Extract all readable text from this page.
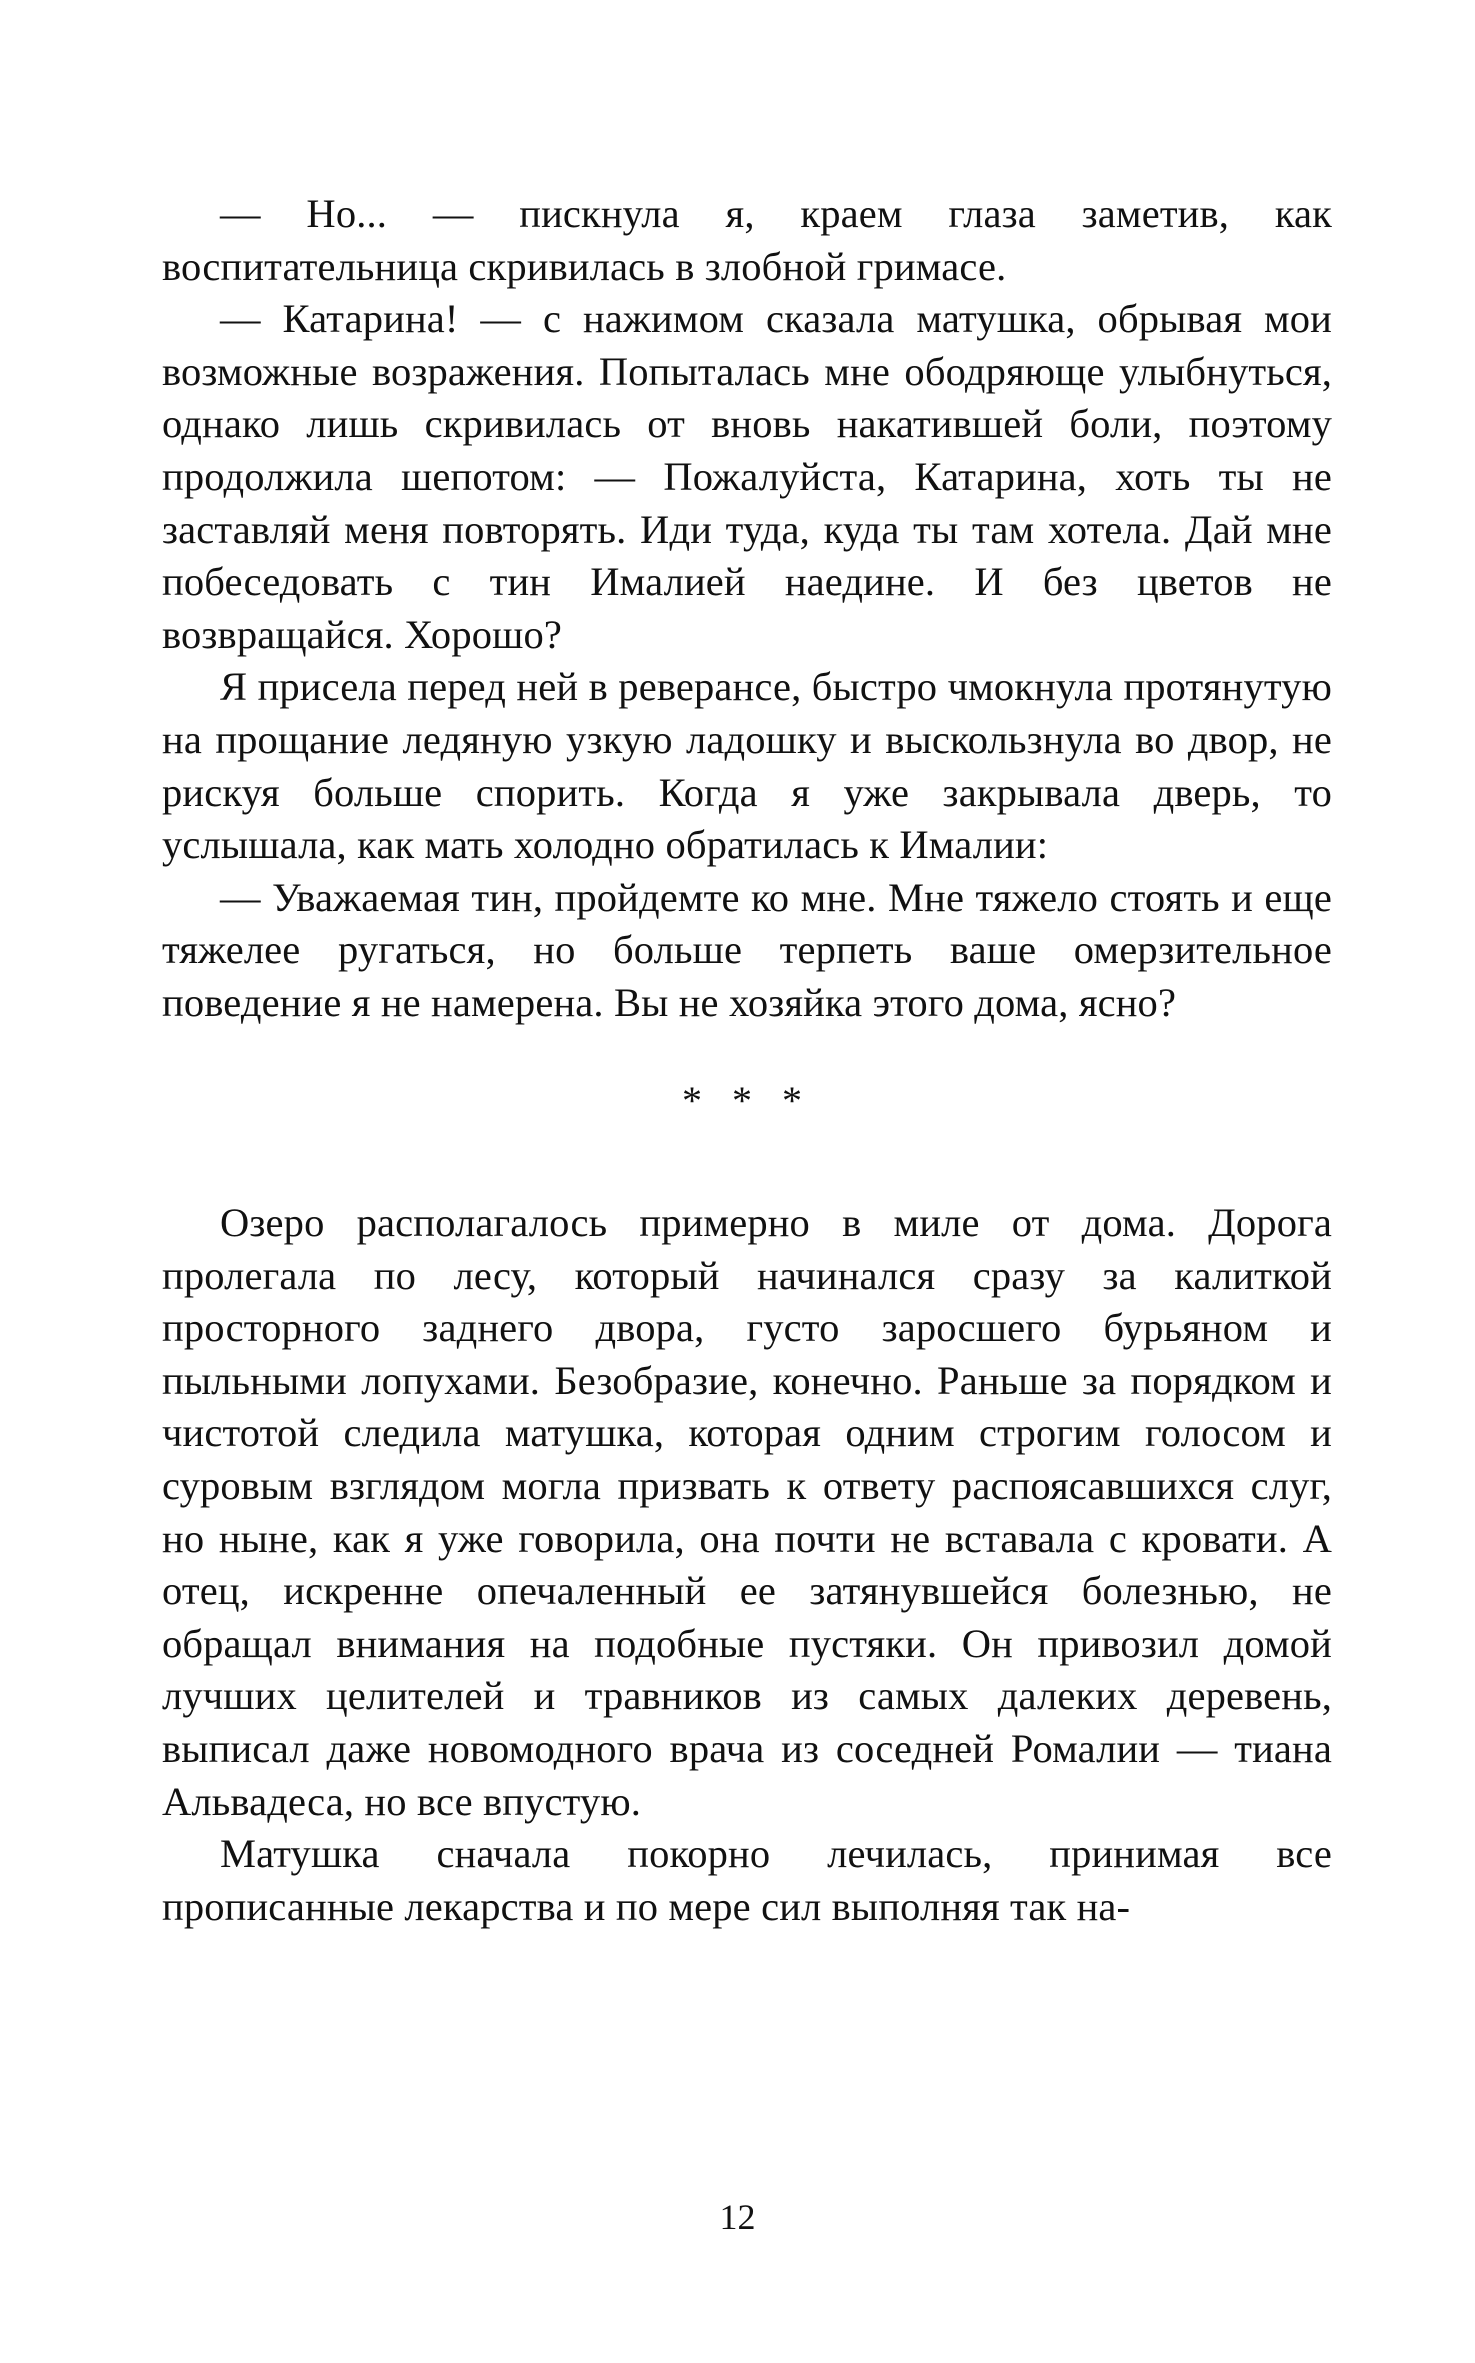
— Но... — пискнула я, краем глаза заметив, как воспитательница скривилась в злобной гримасе.

— Катарина! — с нажимом сказала матушка, обрывая мои возможные возражения. Попыталась мне ободряюще улыбнуться, однако лишь скривилась от вновь накатившей боли, поэтому продолжила шепотом: — Пожалуйста, Катарина, хоть ты не заставляй меня повторять. Иди туда, куда ты там хотела. Дай мне побеседовать с тин Ималией наедине. И без цветов не возвращайся. Хорошо?

Я присела перед ней в реверансе, быстро чмокнула протянутую на прощание ледяную узкую ладошку и выскользнула во двор, не рискуя больше спорить. Когда я уже закрывала дверь, то услышала, как мать холодно обратилась к Ималии:

— Уважаемая тин, пройдемте ко мне. Мне тяжело стоять и еще тяжелее ругаться, но больше терпеть ваше омерзительное поведение я не намерена. Вы не хозяйка этого дома, ясно?

* * *

Озеро располагалось примерно в миле от дома. Дорога пролегала по лесу, который начинался сразу за калиткой просторного заднего двора, густо заросшего бурьяном и пыльными лопухами. Безобразие, конечно. Раньше за порядком и чистотой следила матушка, которая одним строгим голосом и суровым взглядом могла призвать к ответу распоясавшихся слуг, но ныне, как я уже говорила, она почти не вставала с кровати. А отец, искренне опечаленный ее затянувшейся болезнью, не обращал внимания на подобные пустяки. Он привозил домой лучших целителей и травников из самых далеких деревень, выписал даже новомодного врача из соседней Ромалии — тиана Альвадеса, но все впустую.

Матушка сначала покорно лечилась, принимая все прописанные лекарства и по мере сил выполняя так на-

12
